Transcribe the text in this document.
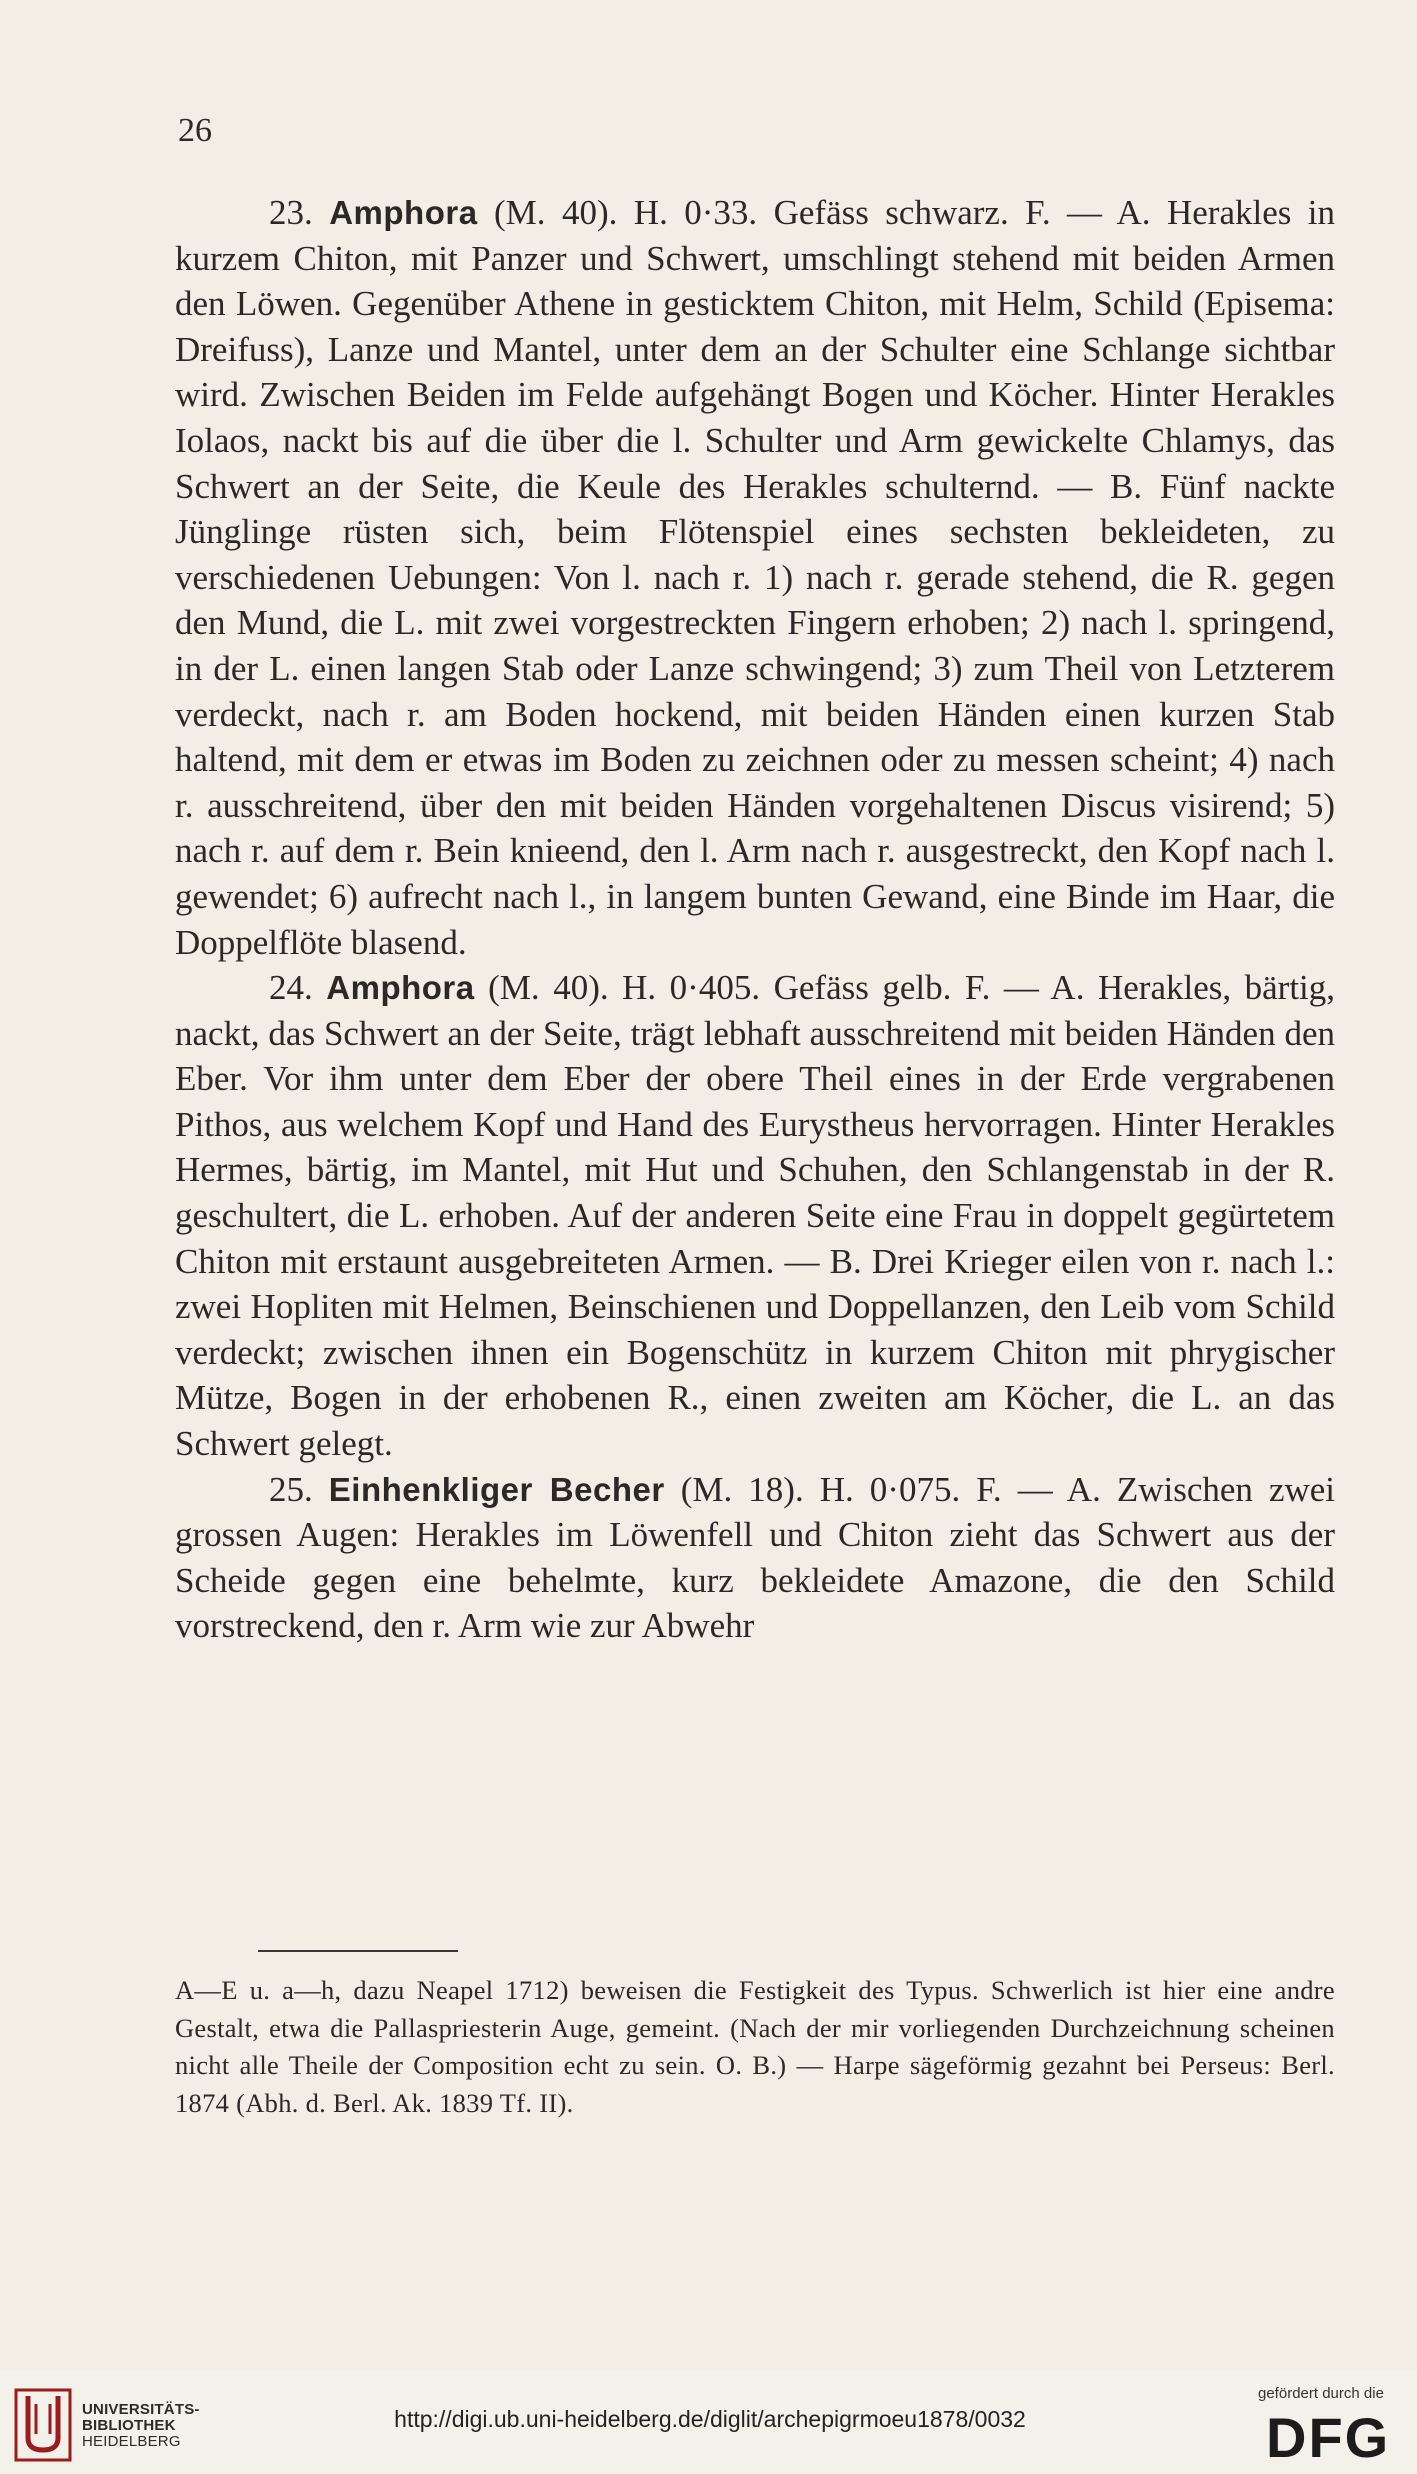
26

23. Amphora (M. 40). H. 0·33. Gefäss schwarz. F. — A. Herakles in kurzem Chiton, mit Panzer und Schwert, umschlingt stehend mit beiden Armen den Löwen. Gegenüber Athene in gesticktem Chiton, mit Helm, Schild (Episema: Dreifuss), Lanze und Mantel, unter dem an der Schulter eine Schlange sichtbar wird. Zwischen Beiden im Felde aufgehängt Bogen und Köcher. Hinter Herakles Iolaos, nackt bis auf die über die l. Schulter und Arm gewickelte Chlamys, das Schwert an der Seite, die Keule des Herakles schulternd. — B. Fünf nackte Jünglinge rüsten sich, beim Flötenspiel eines sechsten bekleideten, zu verschiedenen Uebungen: Von l. nach r. 1) nach r. gerade stehend, die R. gegen den Mund, die L. mit zwei vorgestreckten Fingern erhoben; 2) nach l. springend, in der L. einen langen Stab oder Lanze schwingend; 3) zum Theil von Letzterem verdeckt, nach r. am Boden hockend, mit beiden Händen einen kurzen Stab haltend, mit dem er etwas im Boden zu zeichnen oder zu messen scheint; 4) nach r. ausschreitend, über den mit beiden Händen vorgehaltenen Discus visirend; 5) nach r. auf dem r. Bein knieend, den l. Arm nach r. ausgestreckt, den Kopf nach l. gewendet; 6) aufrecht nach l., in langem bunten Gewand, eine Binde im Haar, die Doppelflöte blasend.

24. Amphora (M. 40). H. 0·405. Gefäss gelb. F. — A. Herakles, bärtig, nackt, das Schwert an der Seite, trägt lebhaft ausschreitend mit beiden Händen den Eber. Vor ihm unter dem Eber der obere Theil eines in der Erde vergrabenen Pithos, aus welchem Kopf und Hand des Eurystheus hervorragen. Hinter Herakles Hermes, bärtig, im Mantel, mit Hut und Schuhen, den Schlangenstab in der R. geschultert, die L. erhoben. Auf der anderen Seite eine Frau in doppelt gegürtetem Chiton mit erstaunt ausgebreiteten Armen. — B. Drei Krieger eilen von r. nach l.: zwei Hopliten mit Helmen, Beinschienen und Doppellanzen, den Leib vom Schild verdeckt; zwischen ihnen ein Bogenschütz in kurzem Chiton mit phrygischer Mütze, Bogen in der erhobenen R., einen zweiten am Köcher, die L. an das Schwert gelegt.

25. Einhenkliger Becher (M. 18). H. 0·075. F. — A. Zwischen zwei grossen Augen: Herakles im Löwenfell und Chiton zieht das Schwert aus der Scheide gegen eine behelmte, kurz bekleidete Amazone, die den Schild vorstreckend, den r. Arm wie zur Abwehr

A—E u. a—h, dazu Neapel 1712) beweisen die Festigkeit des Typus. Schwerlich ist hier eine andre Gestalt, etwa die Pallaspriesterin Auge, gemeint. (Nach der mir vorliegenden Durchzeichnung scheinen nicht alle Theile der Composition echt zu sein. O. B.) — Harpe sägeförmig gezahnt bei Perseus: Berl. 1874 (Abh. d. Berl. Ak. 1839 Tf. II).
UNIVERSITÄTS-
BIBLIOTHEK
HEIDELBERG
http://digi.ub.uni-heidelberg.de/diglit/archepigrmoeu1878/0032
gefördert durch die
DFG
